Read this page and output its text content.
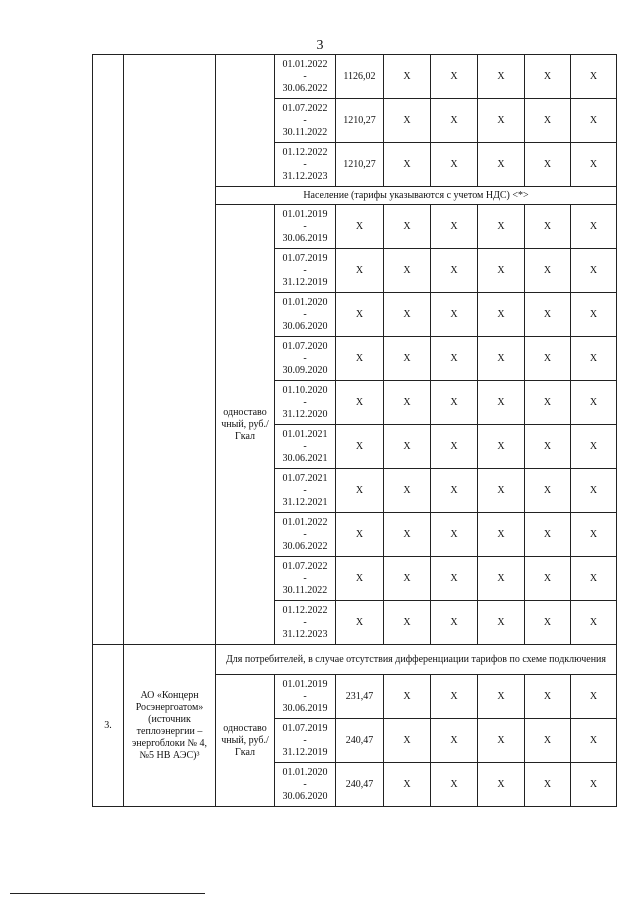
3

			01.01.2022
-
30.06.2022	1126,02	Х	Х	Х	Х	Х

			01.07.2022
-
30.11.2022	1210,27	Х	Х	Х	Х	Х

			01.12.2022
-
31.12.2023	1210,27	Х	Х	Х	Х	Х
		Население (тарифы указываются с учетом НДС) <*>							
		одноставо чный, руб./Гкал	01.01.2019
-
30.06.2019	Х	Х	Х	Х	Х	Х

			01.07.2019
-
31.12.2019	Х	Х	Х	Х	Х	Х

			01.01.2020
-
30.06.2020	Х	Х	Х	Х	Х	Х

			01.07.2020
-
30.09.2020	Х	Х	Х	Х	Х	Х

			01.10.2020
-
31.12.2020	Х	Х	Х	Х	Х	Х

			01.01.2021
-
30.06.2021	Х	Х	Х	Х	Х	Х

			01.07.2021
-
31.12.2021	Х	Х	Х	Х	Х	Х

			01.01.2022
-
30.06.2022	Х	Х	Х	Х	Х	Х

			01.07.2022
-
30.11.2022	Х	Х	Х	Х	Х	Х

			01.12.2022
-
31.12.2023	Х	Х	Х	Х	Х	Х
3.	АО «Концерн Росэнергоатом» (источник теплоэнергии – энергоблоки № 4, №5 НВ АЭС)³	Для потребителей, в случае отсутствия дифференциации тарифов по схеме подключения							
		одноставо чный, руб./Гкал	01.01.2019
-
30.06.2019	231,47	Х	Х	Х	Х	Х

			01.07.2019
-
31.12.2019	240,47	Х	Х	Х	Х	Х

			01.01.2020
-
30.06.2020	240,47	Х	Х	Х	Х	Х
